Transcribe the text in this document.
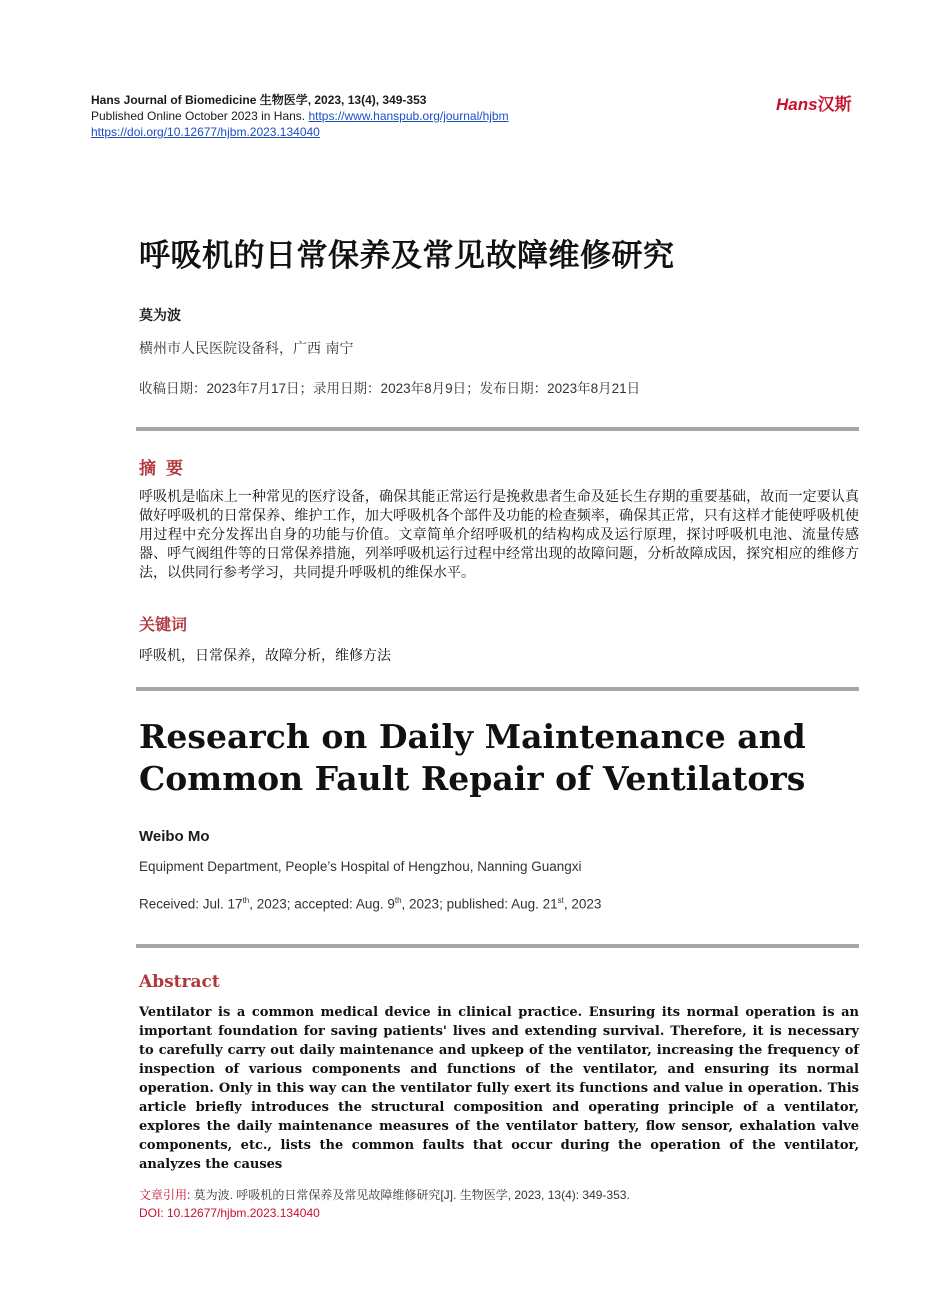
Hans Journal of Biomedicine 生物医学, 2023, 13(4), 349-353
Published Online October 2023 in Hans. https://www.hanspub.org/journal/hjbm
https://doi.org/10.12677/hjbm.2023.134040
Hans汉斯
呼吸机的日常保养及常见故障维修研究
莫为波
横州市人民医院设备科，广西 南宁
收稿日期：2023年7月17日；录用日期：2023年8月9日；发布日期：2023年8月21日
摘要
呼吸机是临床上一种常见的医疗设备，确保其能正常运行是挽救患者生命及延长生存期的重要基础，故而一定要认真做好呼吸机的日常保养、维护工作，加大呼吸机各个部件及功能的检查频率，确保其正常，只有这样才能使呼吸机使用过程中充分发挥出自身的功能与价值。文章简单介绍呼吸机的结构构成及运行原理，探讨呼吸机电池、流量传感器、呼气阀组件等的日常保养措施，列举呼吸机运行过程中经常出现的故障问题，分析故障成因，探究相应的维修方法，以供同行参考学习，共同提升呼吸机的维保水平。
关键词
呼吸机，日常保养，故障分析，维修方法
Research on Daily Maintenance and
Common Fault Repair of Ventilators
Weibo Mo
Equipment Department, People’s Hospital of Hengzhou, Nanning Guangxi
Received: Jul. 17th, 2023; accepted: Aug. 9th, 2023; published: Aug. 21st, 2023
Abstract
Ventilator is a common medical device in clinical practice. Ensuring its normal operation is an important foundation for saving patients' lives and extending survival. Therefore, it is necessary to carefully carry out daily maintenance and upkeep of the ventilator, increasing the frequency of inspection of various components and functions of the ventilator, and ensuring its normal operation. Only in this way can the ventilator fully exert its functions and value in operation. This article briefly introduces the structural composition and operating principle of a ventilator, explores the daily maintenance measures of the ventilator battery, flow sensor, exhalation valve components, etc., lists the common faults that occur during the operation of the ventilator, analyzes the causes
文章引用: 莫为波. 呼吸机的日常保养及常见故障维修研究[J]. 生物医学, 2023, 13(4): 349-353.
DOI: 10.12677/hjbm.2023.134040
